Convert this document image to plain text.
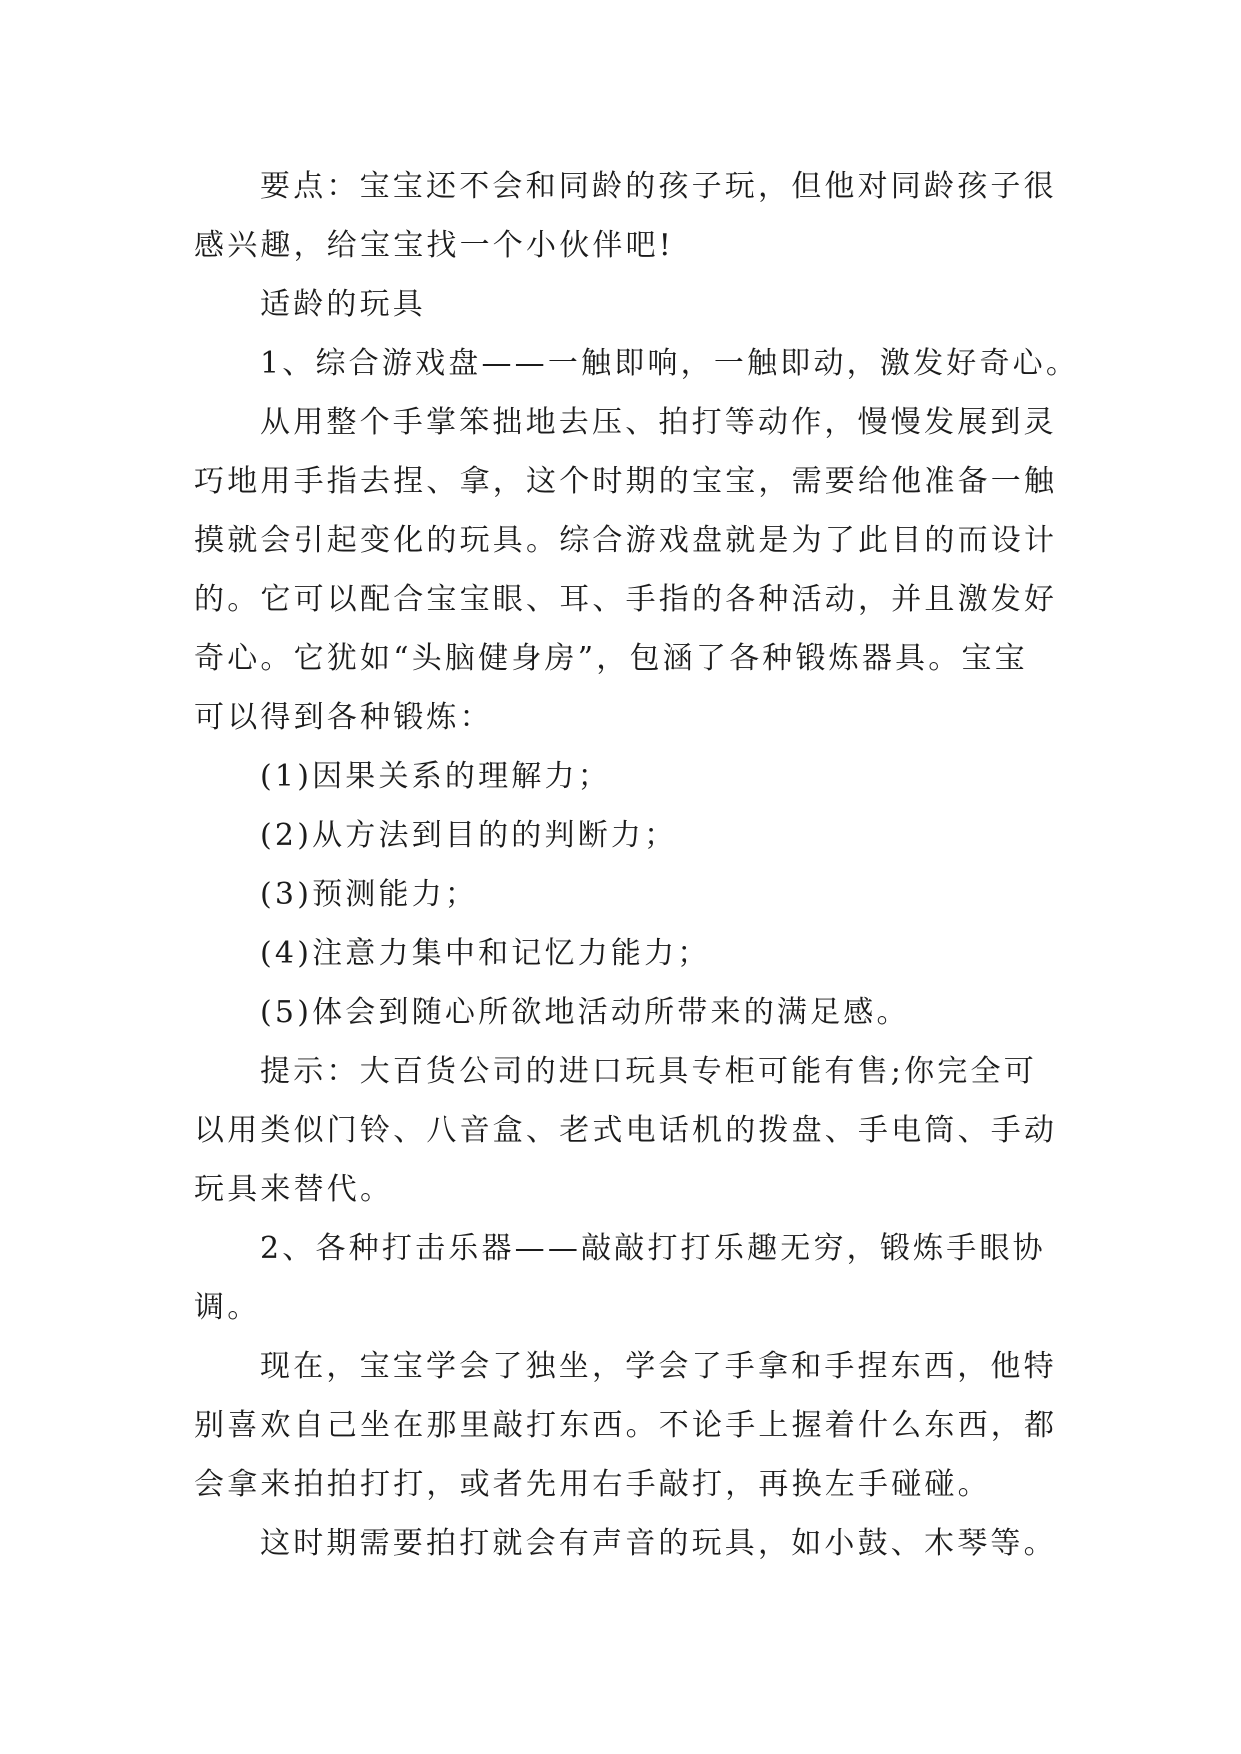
要点：宝宝还不会和同龄的孩子玩，但他对同龄孩子很
感兴趣，给宝宝找一个小伙伴吧!
适龄的玩具
1、综合游戏盘——一触即响，一触即动，激发好奇心。
从用整个手掌笨拙地去压、拍打等动作，慢慢发展到灵
巧地用手指去捏、拿，这个时期的宝宝，需要给他准备一触
摸就会引起变化的玩具。综合游戏盘就是为了此目的而设计
的。它可以配合宝宝眼、耳、手指的各种活动，并且激发好
奇心。它犹如“头脑健身房”，包涵了各种锻炼器具。宝宝
可以得到各种锻炼：
(1)因果关系的理解力；
(2)从方法到目的的判断力；
(3)预测能力；
(4)注意力集中和记忆力能力；
(5)体会到随心所欲地活动所带来的满足感。
提示：大百货公司的进口玩具专柜可能有售;你完全可
以用类似门铃、八音盒、老式电话机的拨盘、手电筒、手动
玩具来替代。
2、各种打击乐器——敲敲打打乐趣无穷，锻炼手眼协
调。
现在，宝宝学会了独坐，学会了手拿和手捏东西，他特
别喜欢自己坐在那里敲打东西。不论手上握着什么东西，都
会拿来拍拍打打，或者先用右手敲打，再换左手碰碰。
这时期需要拍打就会有声音的玩具，如小鼓、木琴等。
